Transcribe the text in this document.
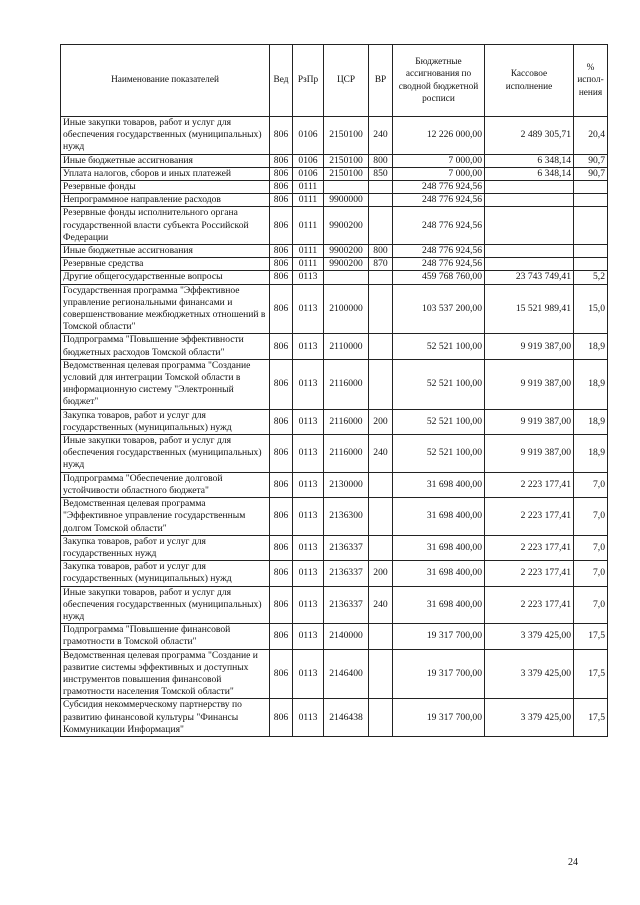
Наименование показателей	Вед	РзПр	ЦСР	ВР	Бюджетные ассигнования по сводной бюджетной росписи	Кассовое исполнение	% испол-нения
Иные закупки товаров, работ и услуг для обеспечения государственных (муниципальных) нужд	806	0106	2150100	240	12 226 000,00	2 489 305,71	20,4
Иные бюджетные ассигнования	806	0106	2150100	800	7 000,00	6 348,14	90,7
Уплата налогов, сборов и иных платежей	806	0106	2150100	850	7 000,00	6 348,14	90,7
Резервные фонды	806	0111			248 776 924,56		
Непрограммное направление расходов	806	0111	9900000		248 776 924,56		
Резервные фонды исполнительного органа государственной власти субъекта Российской Федерации	806	0111	9900200		248 776 924,56		
Иные бюджетные ассигнования	806	0111	9900200	800	248 776 924,56		
Резервные средства	806	0111	9900200	870	248 776 924,56		
Другие общегосударственные вопросы	806	0113			459 768 760,00	23 743 749,41	5,2
Государственная программа "Эффективное управление региональными финансами и совершенствование межбюджетных отношений в Томской области"	806	0113	2100000		103 537 200,00	15 521 989,41	15,0
Подпрограмма "Повышение эффективности бюджетных расходов Томской области"	806	0113	2110000		52 521 100,00	9 919 387,00	18,9
Ведомственная целевая программа "Создание условий для интеграции Томской области в информационную систему "Электронный бюджет"	806	0113	2116000		52 521 100,00	9 919 387,00	18,9
Закупка товаров, работ и услуг для государственных (муниципальных) нужд	806	0113	2116000	200	52 521 100,00	9 919 387,00	18,9
Иные закупки товаров, работ и услуг для обеспечения государственных (муниципальных) нужд	806	0113	2116000	240	52 521 100,00	9 919 387,00	18,9
Подпрограмма "Обеспечение долговой устойчивости областного бюджета"	806	0113	2130000		31 698 400,00	2 223 177,41	7,0
Ведомственная целевая программа "Эффективное управление государственным долгом Томской области"	806	0113	2136300		31 698 400,00	2 223 177,41	7,0
Закупка товаров, работ и услуг для государственных нужд	806	0113	2136337		31 698 400,00	2 223 177,41	7,0
Закупка товаров, работ и услуг для государственных (муниципальных) нужд	806	0113	2136337	200	31 698 400,00	2 223 177,41	7,0
Иные закупки товаров, работ и услуг для обеспечения государственных (муниципальных) нужд	806	0113	2136337	240	31 698 400,00	2 223 177,41	7,0
Подпрограмма "Повышение финансовой грамотности в Томской области"	806	0113	2140000		19 317 700,00	3 379 425,00	17,5
Ведомственная целевая программа "Создание и развитие системы эффективных и доступных инструментов повышения финансовой грамотности населения Томской области"	806	0113	2146400		19 317 700,00	3 379 425,00	17,5
Субсидия некоммерческому партнерству по развитию финансовой культуры "Финансы Коммуникации Информация"	806	0113	2146438		19 317 700,00	3 379 425,00	17,5
24
